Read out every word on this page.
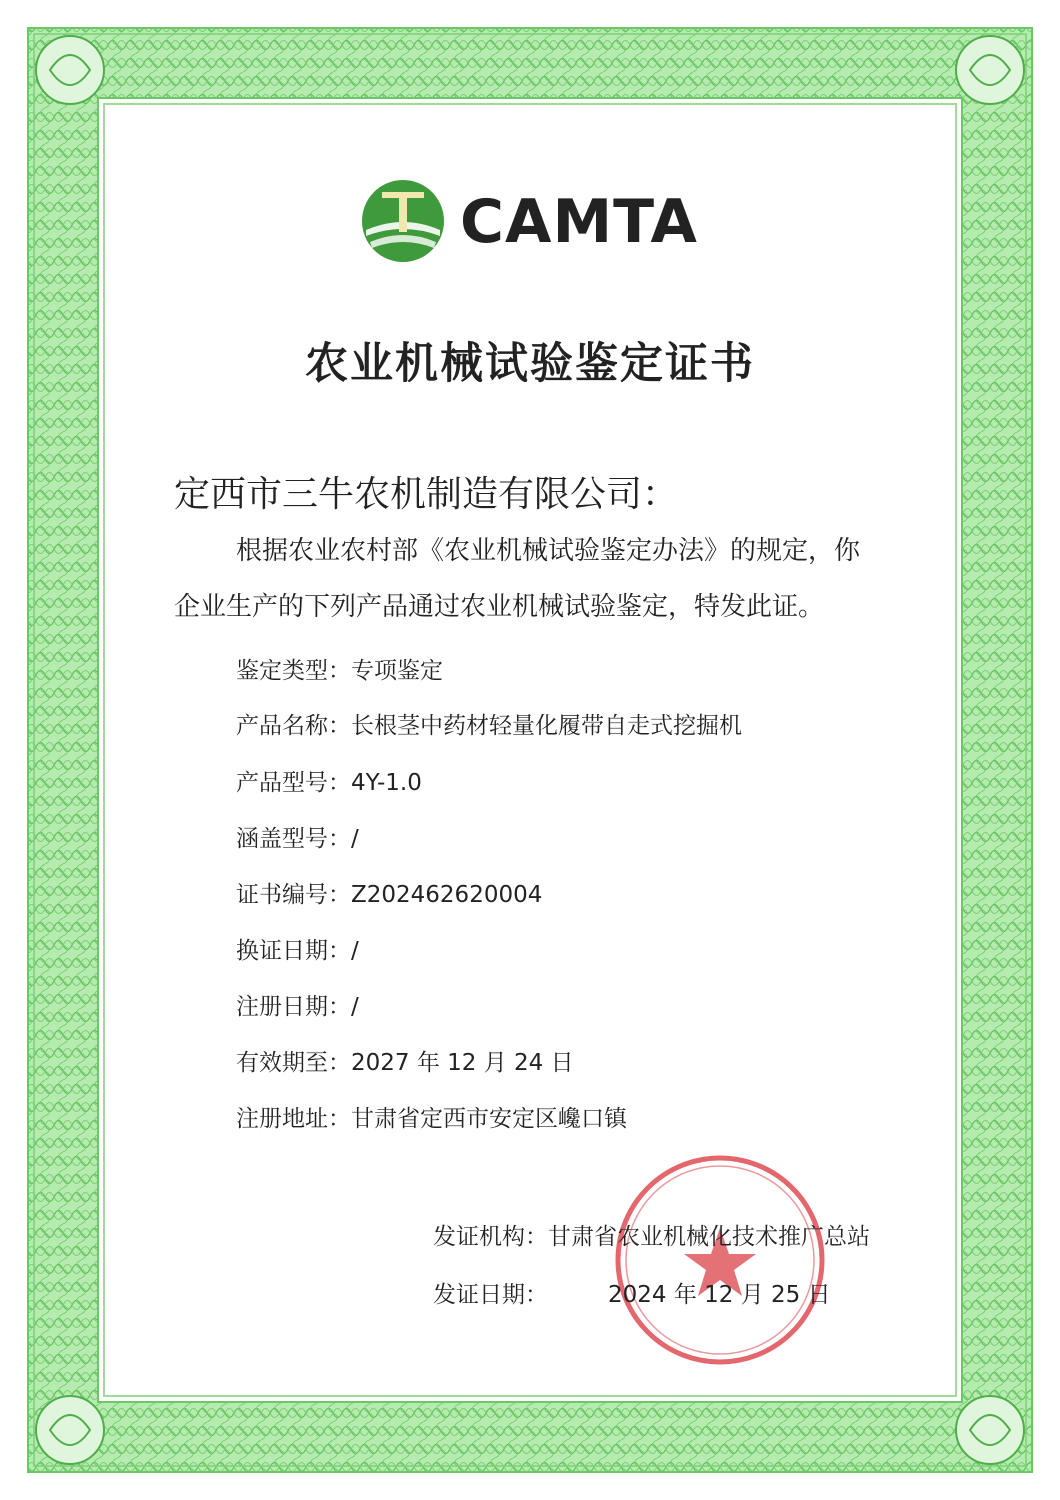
CAMTA
农业机械试验鉴定证书
定西市三牛农机制造有限公司：
根据农业农村部《农业机械试验鉴定办法》的规定，你
企业生产的下列产品通过农业机械试验鉴定，特发此证。
鉴定类型：专项鉴定
产品名称：长根茎中药材轻量化履带自走式挖掘机
产品型号：4Y-1.0
涵盖型号：/
证书编号：Z202462620004
换证日期：/
注册日期：/
有效期至：2027 年 12 月 24 日
注册地址：甘肃省定西市安定区巉口镇
发证机构：甘肃省农业机械化技术推广总站
发证日期：	2024 年 12 月 25 日
